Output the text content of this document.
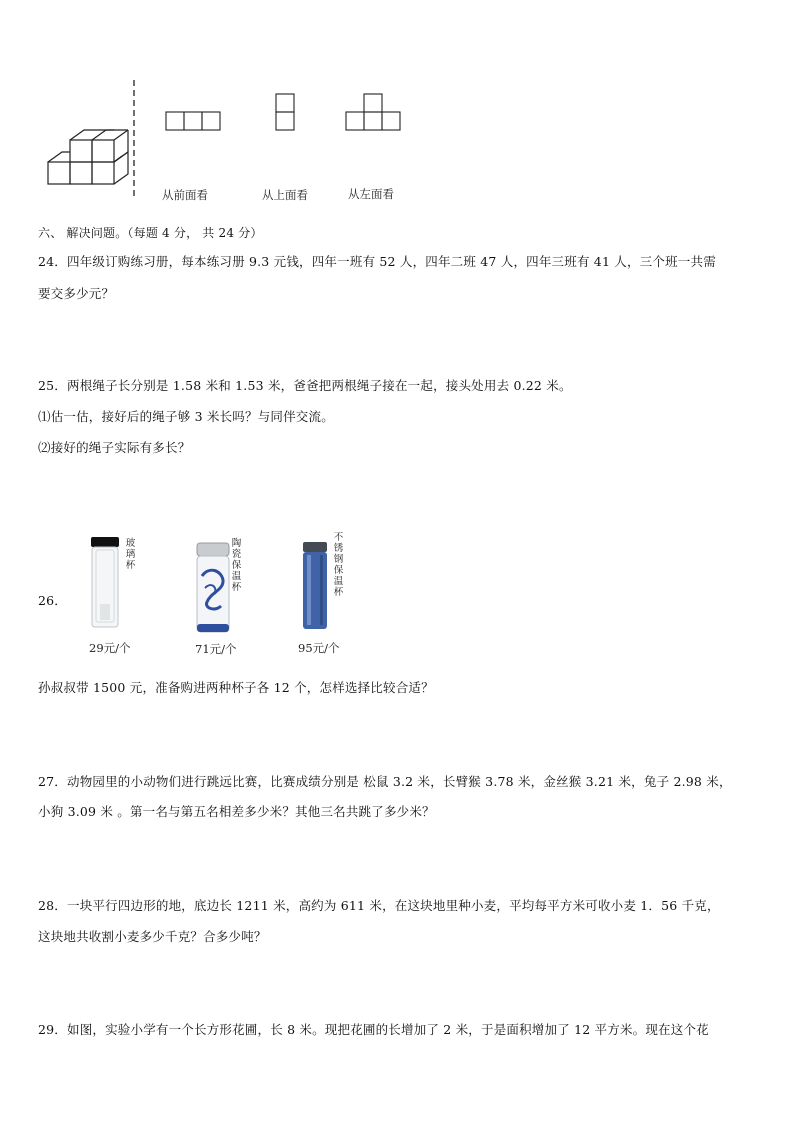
从前面看	从上面看	从左面看
六、 解决问题。（每题 4 分， 共 24 分）
24．四年级订购练习册，每本练习册 9.3 元钱，四年一班有 52 人，四年二班 47 人，四年三班有 41 人，三个班一共需
要交多少元？
25．两根绳子长分别是 1.58 米和 1.53 米，爸爸把两根绳子接在一起，接头处用去 0.22 米。
⑴估一估，接好后的绳子够 3 米长吗？与同伴交流。
⑵接好的绳子实际有多长？
26．
玻璃杯
29元/个
陶瓷保温杯
71元/个
不锈钢保温杯
95元/个
孙叔叔带 1500 元，准备购进两种杯子各 12 个，怎样选择比较合适？
27．动物园里的小动物们进行跳远比赛，比赛成绩分别是 松鼠 3.2 米，长臂猴 3.78 米，金丝猴 3.21 米，兔子 2.98 米，
小狗 3.09 米 。第一名与第五名相差多少米？其他三名共跳了多少米？
28．一块平行四边形的地，底边长 1211 米，高约为 611 米，在这块地里种小麦，平均每平方米可收小麦 1．56 千克，
这块地共收割小麦多少千克？合多少吨？
29．如图，实验小学有一个长方形花圃，长 8 米。现把花圃的长增加了 2 米，于是面积增加了 12 平方米。现在这个花
